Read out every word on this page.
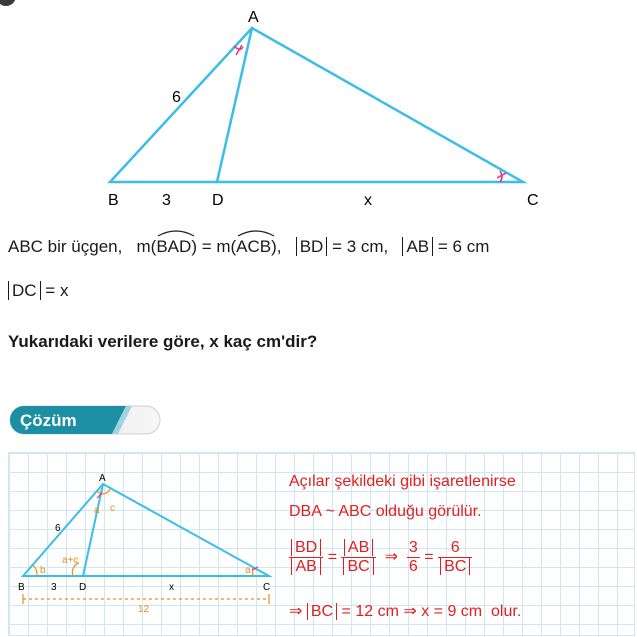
A
B	D	C
6
3	x
ABC bir üçgen, m(
BAD) = m(
ACB), BD = 3 cm, AB = 6 cm
DC = x
Yukarıdaki verilere göre, x kaç cm'dir?
Çözüm
A
B	D	C
6
3	x
b
a c
a+c
a
12
Açılar şekildeki gibi işaretlenirse
DBA ~ ABC olduğu görülür.
$\frac{BD}{AB} = \frac{AB}{BC}$ ⇒ $\frac{3}{6} = \frac{6}{BC}$
⇒ BC = 12 cm ⇒ x = 9 cm olur.
